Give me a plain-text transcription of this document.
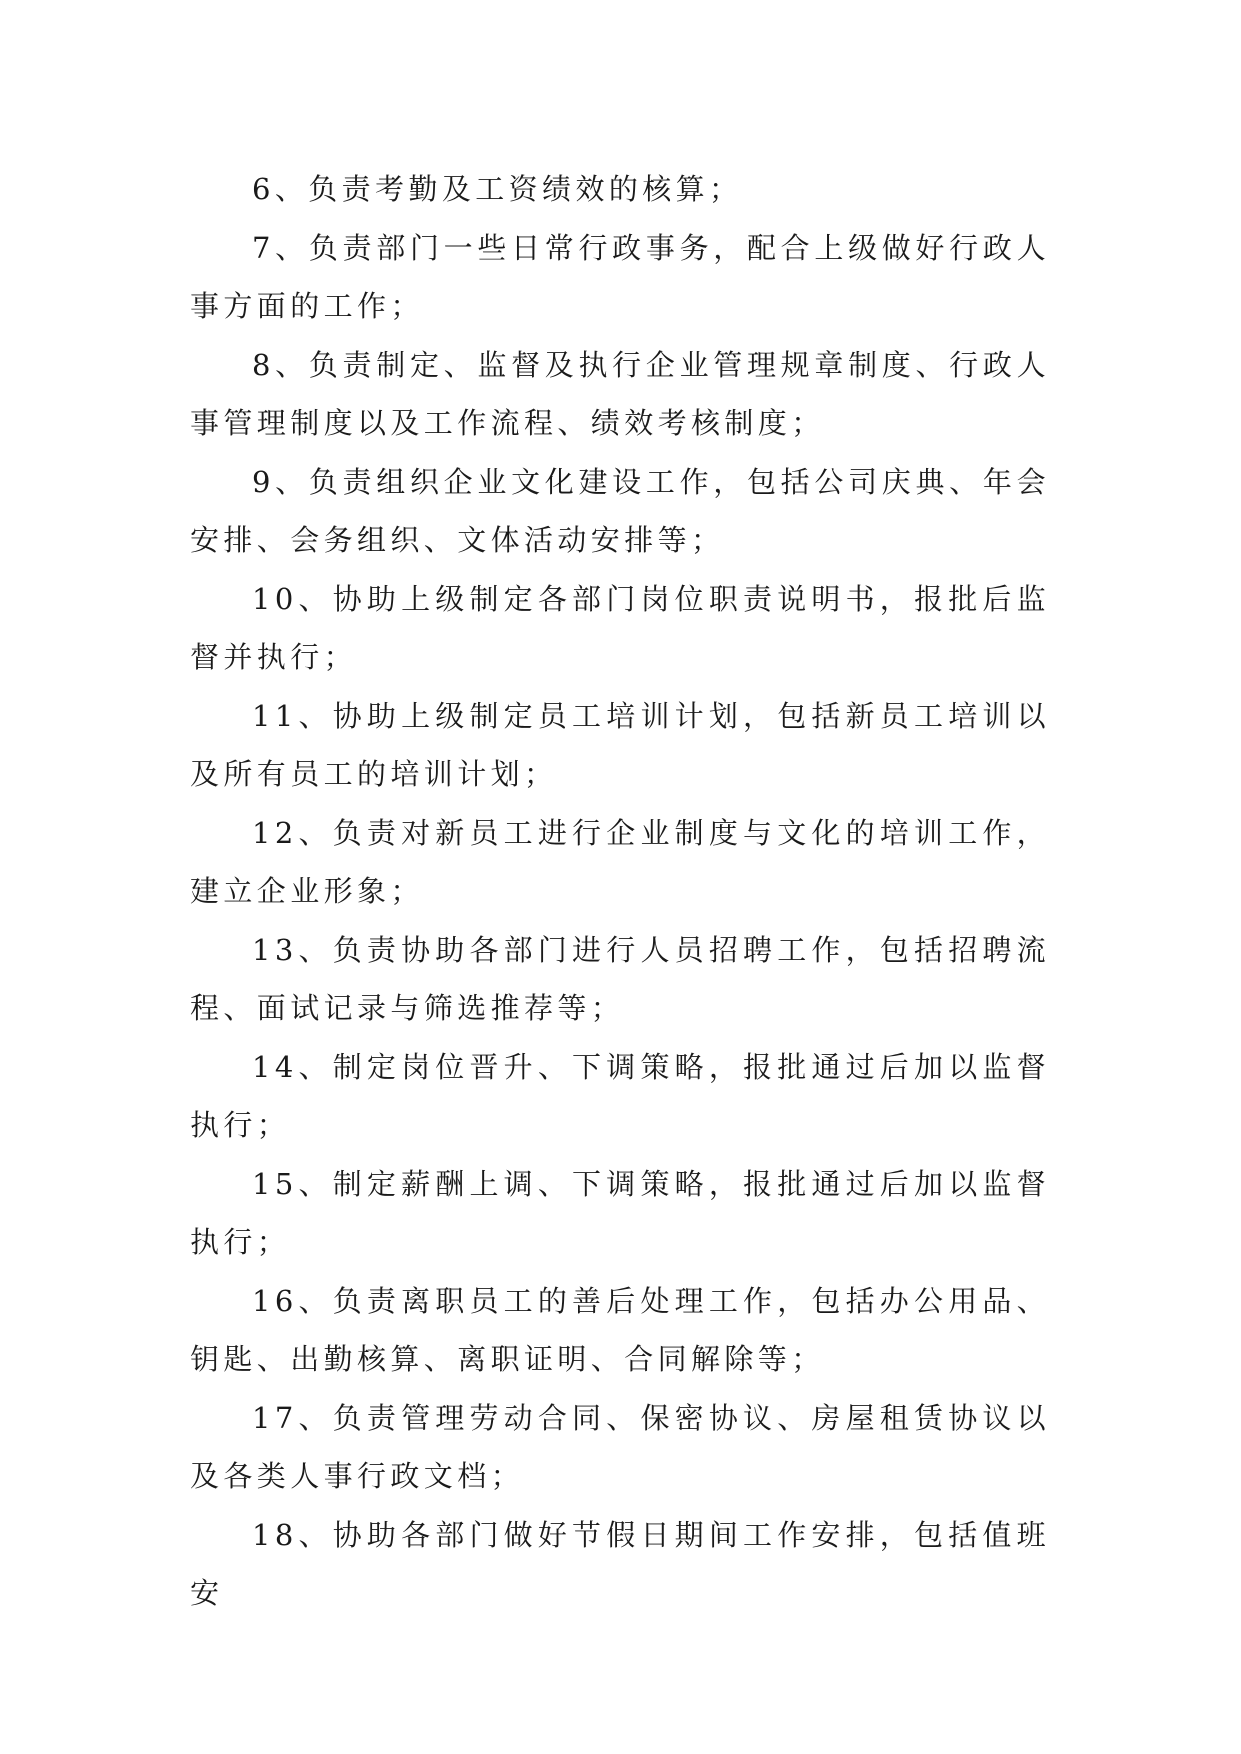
6、负责考勤及工资绩效的核算；

7、负责部门一些日常行政事务，配合上级做好行政人事方面的工作；

8、负责制定、监督及执行企业管理规章制度、行政人事管理制度以及工作流程、绩效考核制度；

9、负责组织企业文化建设工作，包括公司庆典、年会安排、会务组织、文体活动安排等；

10、协助上级制定各部门岗位职责说明书，报批后监督并执行；

11、协助上级制定员工培训计划，包括新员工培训以及所有员工的培训计划；

12、负责对新员工进行企业制度与文化的培训工作，建立企业形象；

13、负责协助各部门进行人员招聘工作，包括招聘流程、面试记录与筛选推荐等；

14、制定岗位晋升、下调策略，报批通过后加以监督执行；

15、制定薪酬上调、下调策略，报批通过后加以监督执行；

16、负责离职员工的善后处理工作，包括办公用品、钥匙、出勤核算、离职证明、合同解除等；

17、负责管理劳动合同、保密协议、房屋租赁协议以及各类人事行政文档；

18、协助各部门做好节假日期间工作安排，包括值班安
